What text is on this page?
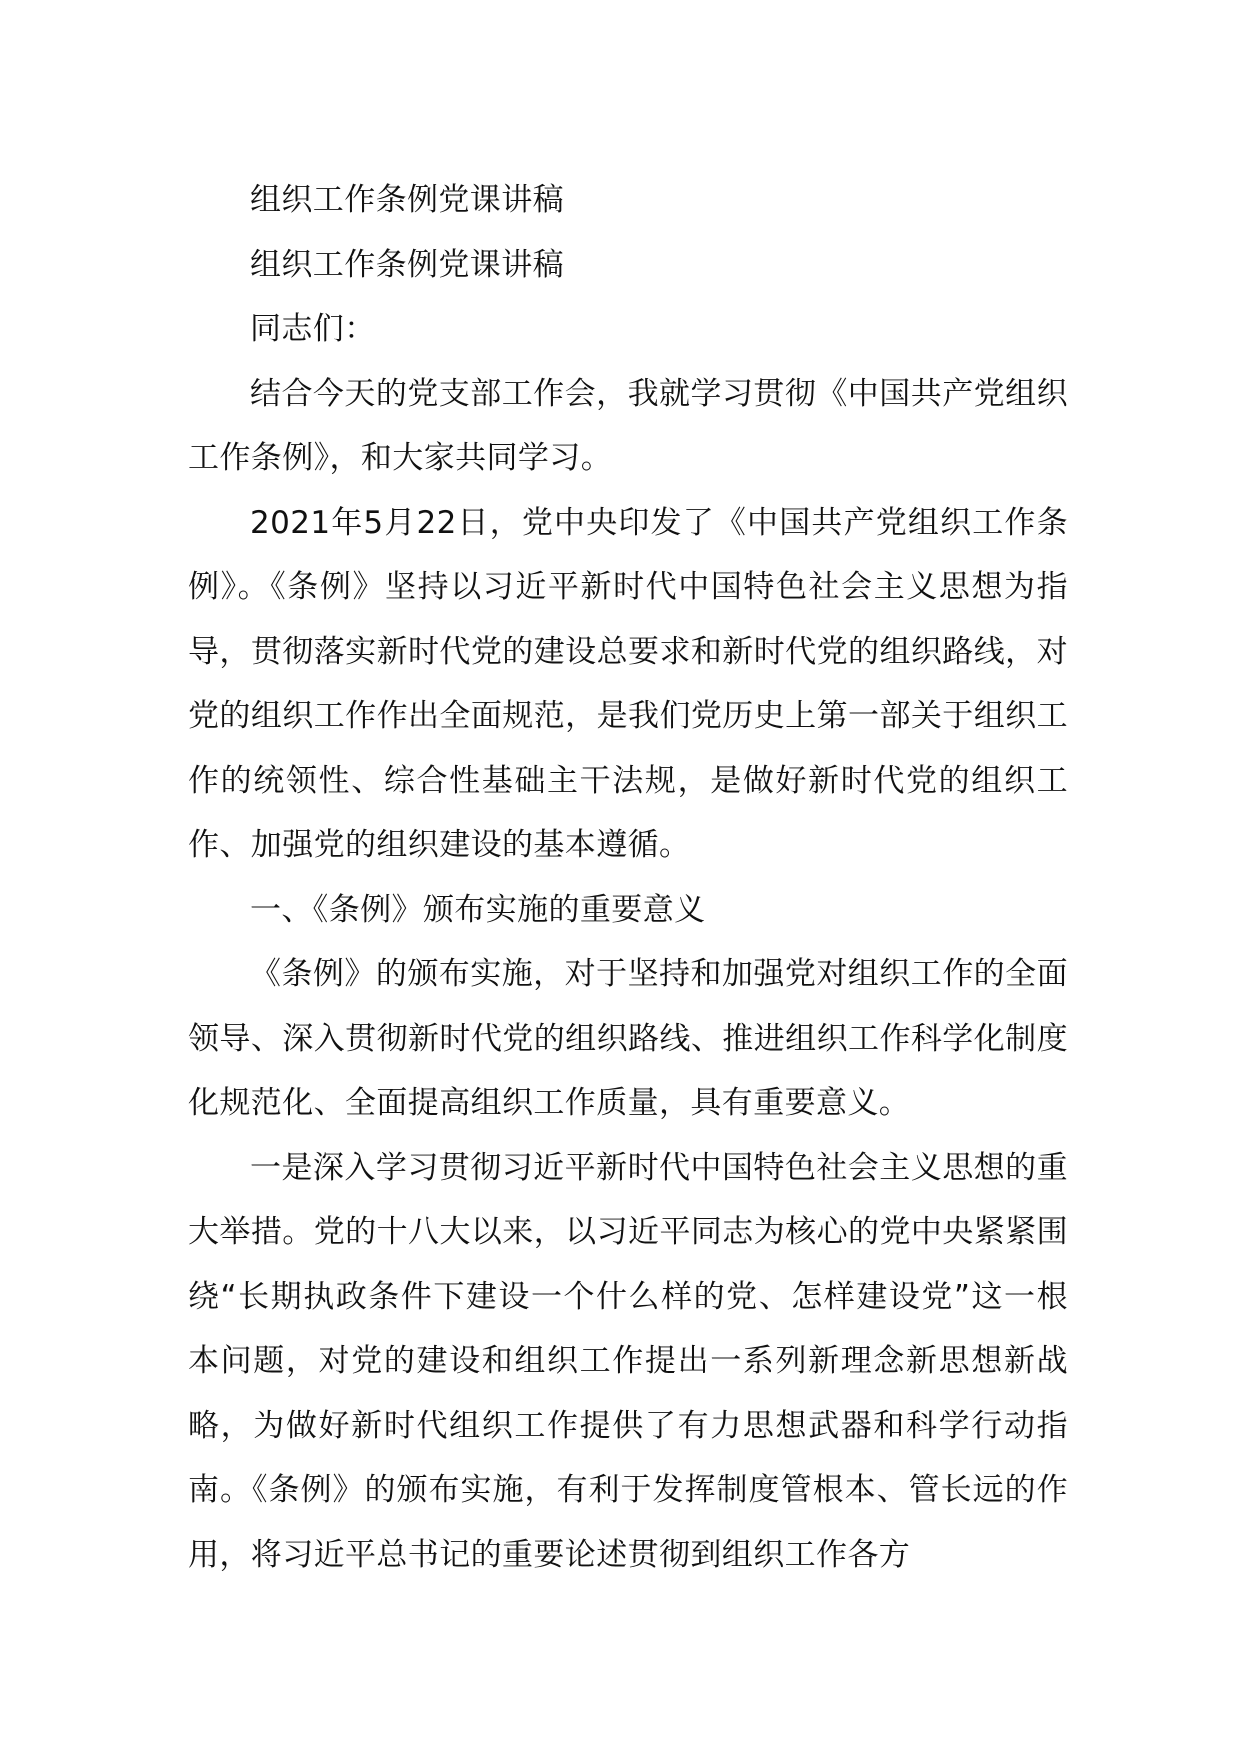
组织工作条例党课讲稿

组织工作条例党课讲稿

同志们：

结合今天的党支部工作会，我就学习贯彻《中国共产党组织工作条例》，和大家共同学习。

2021年5月22日，党中央印发了《中国共产党组织工作条例》。《条例》坚持以习近平新时代中国特色社会主义思想为指导，贯彻落实新时代党的建设总要求和新时代党的组织路线，对党的组织工作作出全面规范，是我们党历史上第一部关于组织工作的统领性、综合性基础主干法规，是做好新时代党的组织工作、加强党的组织建设的基本遵循。

一、《条例》颁布实施的重要意义

《条例》的颁布实施，对于坚持和加强党对组织工作的全面领导、深入贯彻新时代党的组织路线、推进组织工作科学化制度化规范化、全面提高组织工作质量，具有重要意义。

一是深入学习贯彻习近平新时代中国特色社会主义思想的重大举措。党的十八大以来，以习近平同志为核心的党中央紧紧围绕“长期执政条件下建设一个什么样的党、怎样建设党”这一根本问题，对党的建设和组织工作提出一系列新理念新思想新战略，为做好新时代组织工作提供了有力思想武器和科学行动指南。《条例》的颁布实施，有利于发挥制度管根本、管长远的作用，将习近平总书记的重要论述贯彻到组织工作各方
